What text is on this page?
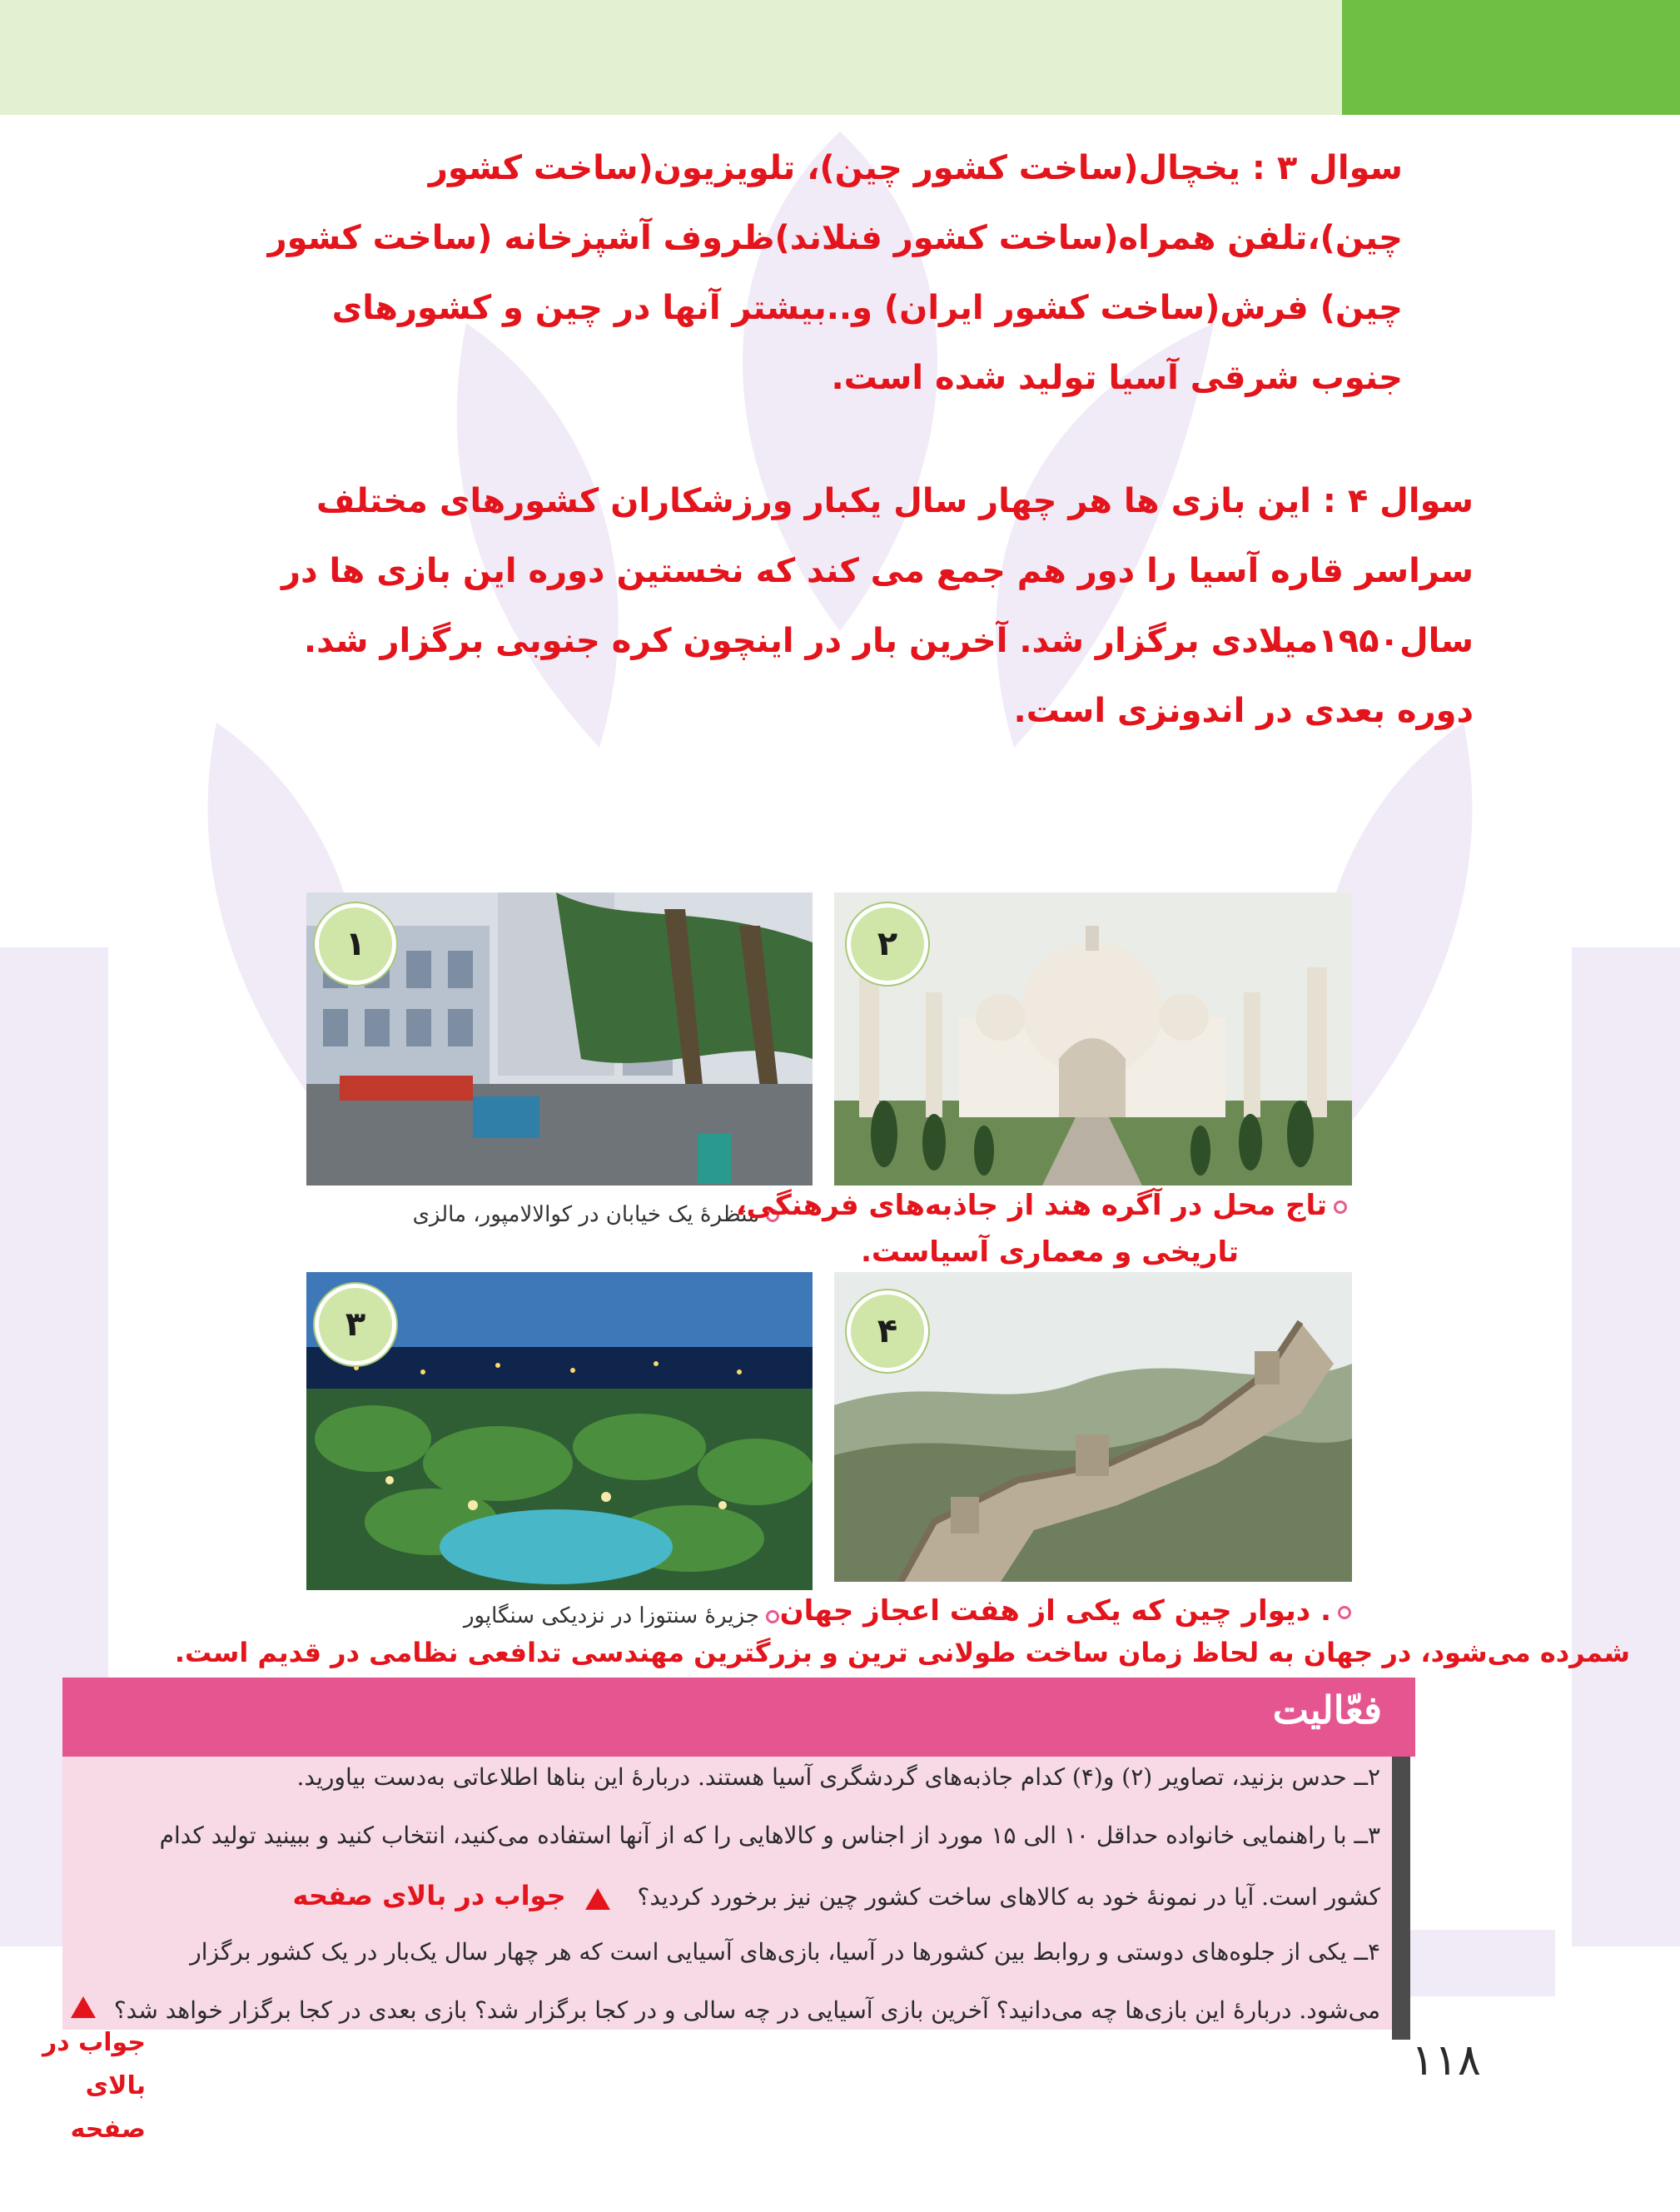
سوال ۳ : یخچال(ساخت کشور چین)، تلویزیون(ساخت کشور چین)،تلفن همراه(ساخت کشور فنلاند)ظروف آشپزخانه (ساخت کشور چین) فرش(ساخت کشور ایران) و..بیشتر آنها در چین و کشورهای جنوب شرقی آسیا تولید شده است.
سوال ۴ : این بازی ها هر چهار سال یکبار ورزشکاران کشورهای مختلف سراسر قاره آسیا را دور هم جمع می کند که نخستین دوره این بازی ها در سال۱۹۵۰میلادی برگزار شد. آخرین بار در اینچون کره جنوبی برگزار شد. دوره بعدی در اندونزی است.
۱	۲
منظرهٔ یک خیابان در کوالالامپور، مالزی
تاج محل در آگره هند از جاذبه‌های فرهنگی،
تاریخی و معماری آسیاست.
۳	۴
جزیرهٔ سنتوزا در نزدیکی سنگاپور . دیوار چین که یکی از هفت اعجاز جهان
شمرده می‌شود، در جهان به لحاظ زمان ساخت طولانی ترین و بزرگترین مهندسی تدافعی نظامی در قدیم است.
فعّالیت
۲ــ حدس بزنید، تصاویر (۲) و(۴) کدام جاذبه‌های گردشگری آسیا هستند. دربارهٔ این بناها اطلاعاتی به‌دست بیاورید.
۳ــ با راهنمایی خانواده حداقل ۱۰ الی ۱۵ مورد از اجناس و کالاهایی را که از آنها استفاده می‌کنید، انتخاب کنید و ببینید تولید کدام
کشور است. آیا در نمونهٔ خود به کالاهای ساخت کشور چین نیز برخورد کردید؟  جواب در بالای صفحه
۴ــ یکی از جلوه‌های دوستی و روابط بین کشورها در آسیا، بازی‌های آسیایی است که هر چهار سال یک‌بار در یک کشور برگزار
می‌شود. دربارهٔ این بازی‌ها چه می‌دانید؟ آخرین بازی آسیایی در چه سالی و در کجا برگزار شد؟ بازی بعدی در کجا برگزار خواهد شد؟
جواب در
بالای صفحه
۱۱۸
